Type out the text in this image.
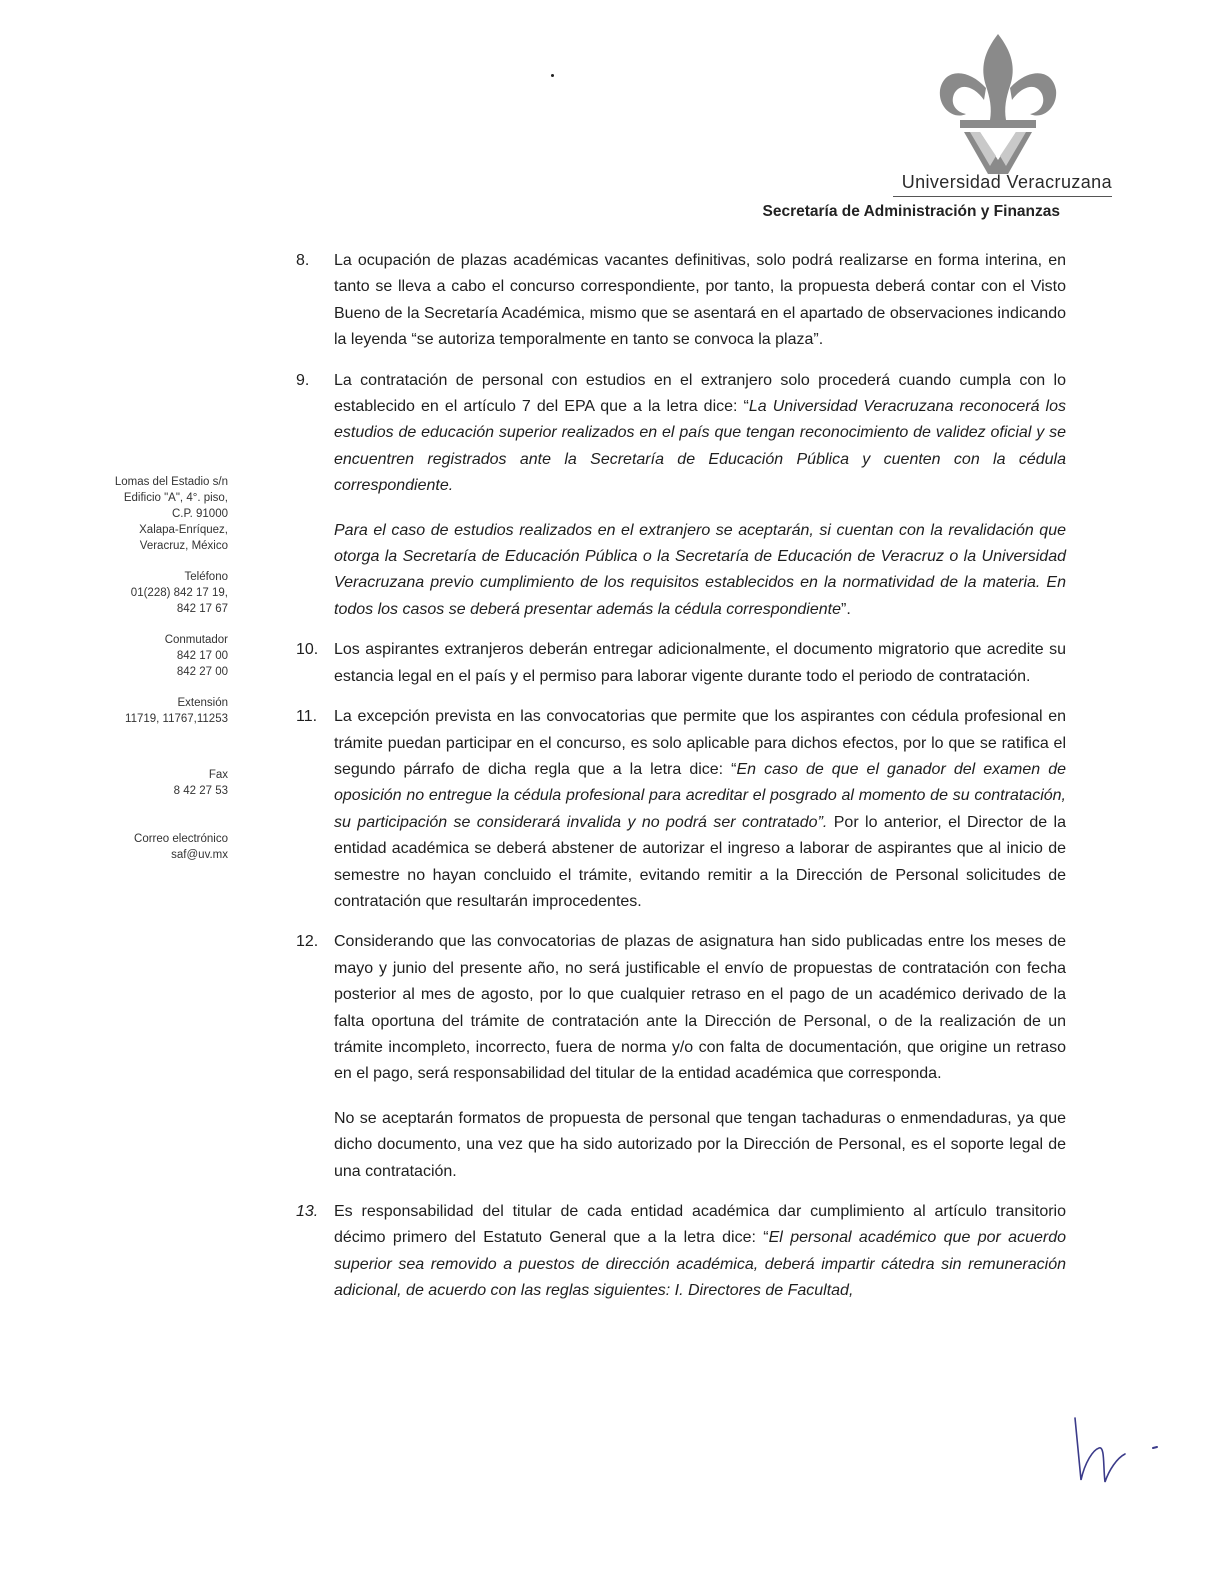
Universidad Veracruzana
Secretaría de Administración y Finanzas
Lomas del Estadio s/n
Edificio "A", 4°. piso,
C.P. 91000
Xalapa-Enríquez,
Veracruz, México
Teléfono
01(228) 842 17 19,
842 17 67
Conmutador
842 17 00
842 27 00
Extensión
11719, 11767,11253
Fax
8 42 27 53
Correo electrónico
saf@uv.mx
8. La ocupación de plazas académicas vacantes definitivas, solo podrá realizarse en forma interina, en tanto se lleva a cabo el concurso correspondiente, por tanto, la propuesta deberá contar con el Visto Bueno de la Secretaría Académica, mismo que se asentará en el apartado de observaciones indicando la leyenda “se autoriza temporalmente en tanto se convoca la plaza”.

9. La contratación de personal con estudios en el extranjero solo procederá cuando cumpla con lo establecido en el artículo 7 del EPA que a la letra dice: “La Universidad Veracruzana reconocerá los estudios de educación superior realizados en el país que tengan reconocimiento de validez oficial y se encuentren registrados ante la Secretaría de Educación Pública y cuenten con la cédula correspondiente.

Para el caso de estudios realizados en el extranjero se aceptarán, si cuentan con la revalidación que otorga la Secretaría de Educación Pública o la Secretaría de Educación de Veracruz o la Universidad Veracruzana previo cumplimiento de los requisitos establecidos en la normatividad de la materia. En todos los casos se deberá presentar además la cédula correspondiente”.

10. Los aspirantes extranjeros deberán entregar adicionalmente, el documento migratorio que acredite su estancia legal en el país y el permiso para laborar vigente durante todo el periodo de contratación.

11. La excepción prevista en las convocatorias que permite que los aspirantes con cédula profesional en trámite puedan participar en el concurso, es solo aplicable para dichos efectos, por lo que se ratifica el segundo párrafo de dicha regla que a la letra dice: “En caso de que el ganador del examen de oposición no entregue la cédula profesional para acreditar el posgrado al momento de su contratación, su participación se considerará invalida y no podrá ser contratado”. Por lo anterior, el Director de la entidad académica se deberá abstener de autorizar el ingreso a laborar de aspirantes que al inicio de semestre no hayan concluido el trámite, evitando remitir a la Dirección de Personal solicitudes de contratación que resultarán improcedentes.

12. Considerando que las convocatorias de plazas de asignatura han sido publicadas entre los meses de mayo y junio del presente año, no será justificable el envío de propuestas de contratación con fecha posterior al mes de agosto, por lo que cualquier retraso en el pago de un académico derivado de la falta oportuna del trámite de contratación ante la Dirección de Personal, o de la realización de un trámite incompleto, incorrecto, fuera de norma y/o con falta de documentación, que origine un retraso en el pago, será responsabilidad del titular de la entidad académica que corresponda.

No se aceptarán formatos de propuesta de personal que tengan tachaduras o enmendaduras, ya que dicho documento, una vez que ha sido autorizado por la Dirección de Personal, es el soporte legal de una contratación.

13. Es responsabilidad del titular de cada entidad académica dar cumplimiento al artículo transitorio décimo primero del Estatuto General que a la letra dice: “El personal académico que por acuerdo superior sea removido a puestos de dirección académica, deberá impartir cátedra sin remuneración adicional, de acuerdo con las reglas siguientes: I. Directores de Facultad,
